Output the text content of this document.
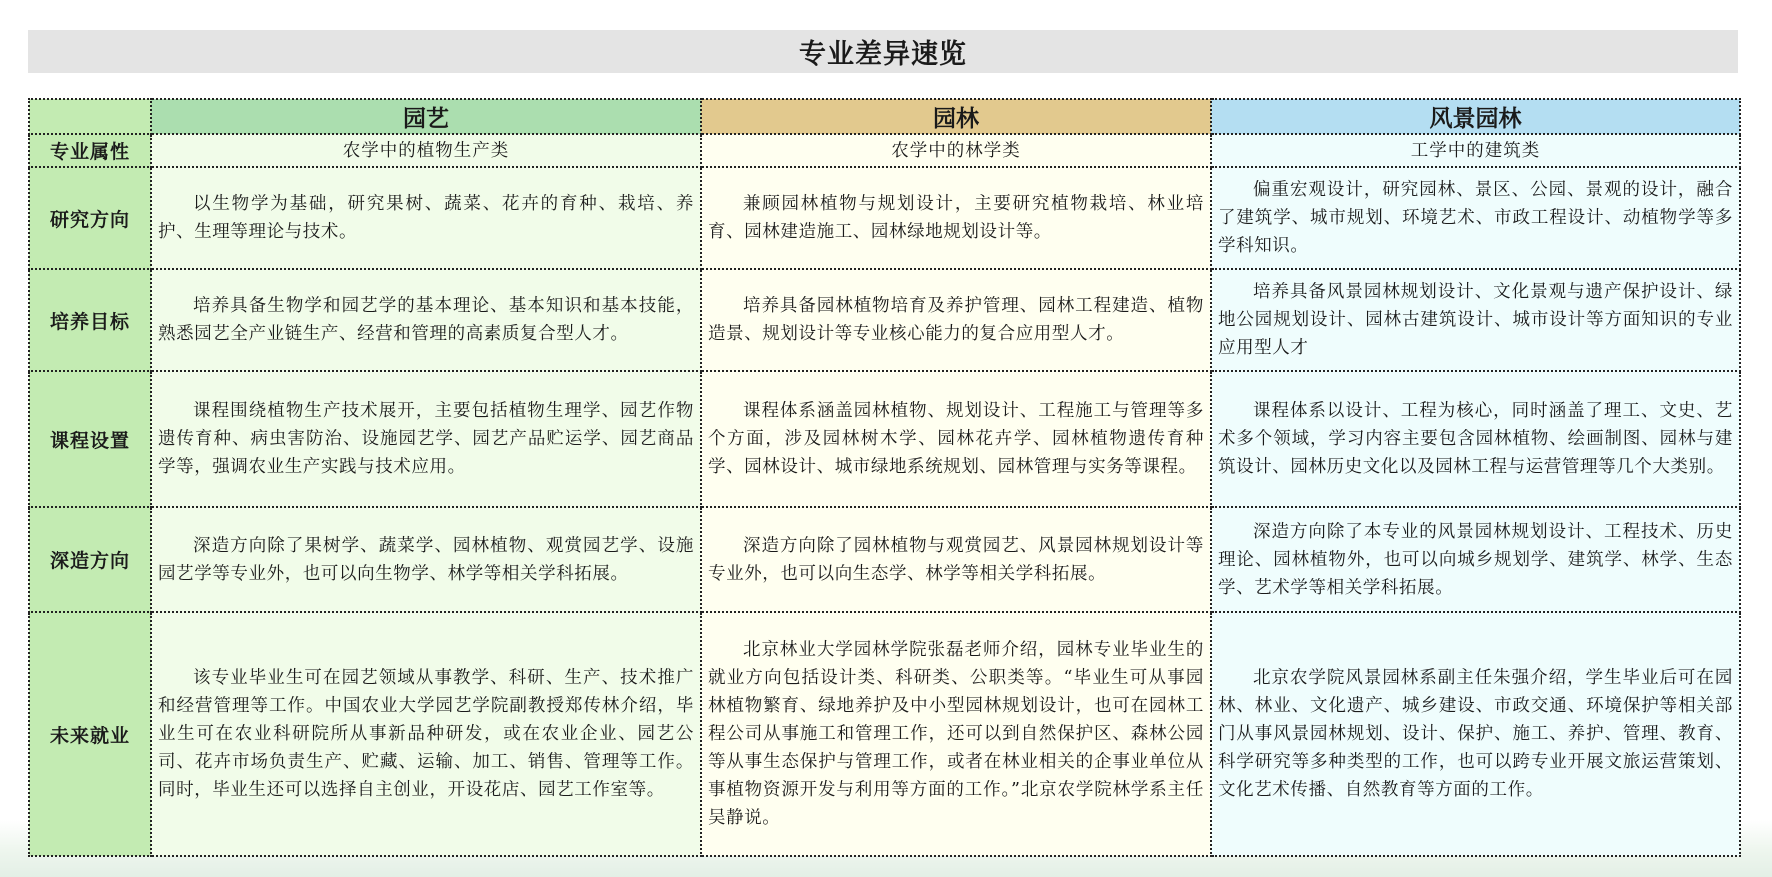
专业差异速览
	园艺	园林	风景园林
专业属性	农学中的植物生产类	农学中的林学类	工学中的建筑类

研究方向	以生物学为基础，研究果树、蔬菜、花卉的育种、栽培、养护、生理等理论与技术。	兼顾园林植物与规划设计，主要研究植物栽培、林业培育、园林建造施工、园林绿地规划设计等。	偏重宏观设计，研究园林、景区、公园、景观的设计，融合了建筑学、城市规划、环境艺术、市政工程设计、动植物学等多学科知识。

培养目标	培养具备生物学和园艺学的基本理论、基本知识和基本技能，熟悉园艺全产业链生产、经营和管理的高素质复合型人才。	培养具备园林植物培育及养护管理、园林工程建造、植物造景、规划设计等专业核心能力的复合应用型人才。	培养具备风景园林规划设计、文化景观与遗产保护设计、绿地公园规划设计、园林古建筑设计、城市设计等方面知识的专业应用型人才

课程设置	课程围绕植物生产技术展开，主要包括植物生理学、园艺作物遗传育种、病虫害防治、设施园艺学、园艺产品贮运学、园艺商品学等，强调农业生产实践与技术应用。	课程体系涵盖园林植物、规划设计、工程施工与管理等多个方面，涉及园林树木学、园林花卉学、园林植物遗传育种学、园林设计、城市绿地系统规划、园林管理与实务等课程。	课程体系以设计、工程为核心，同时涵盖了理工、文史、艺术多个领域，学习内容主要包含园林植物、绘画制图、园林与建筑设计、园林历史文化以及园林工程与运营管理等几个大类别。

深造方向	深造方向除了果树学、蔬菜学、园林植物、观赏园艺学、设施园艺学等专业外，也可以向生物学、林学等相关学科拓展。	深造方向除了园林植物与观赏园艺、风景园林规划设计等专业外，也可以向生态学、林学等相关学科拓展。	深造方向除了本专业的风景园林规划设计、工程技术、历史理论、园林植物外，也可以向城乡规划学、建筑学、林学、生态学、艺术学等相关学科拓展。

未来就业	该专业毕业生可在园艺领域从事教学、科研、生产、技术推广和经营管理等工作。中国农业大学园艺学院副教授郑传林介绍，毕业生可在农业科研院所从事新品种研发，或在农业企业、园艺公司、花卉市场负责生产、贮藏、运输、加工、销售、管理等工作。同时，毕业生还可以选择自主创业，开设花店、园艺工作室等。	北京林业大学园林学院张磊老师介绍，园林专业毕业生的就业方向包括设计类、科研类、公职类等。“毕业生可从事园林植物繁育、绿地养护及中小型园林规划设计，也可在园林工程公司从事施工和管理工作，还可以到自然保护区、森林公园等从事生态保护与管理工作，或者在林业相关的企事业单位从事植物资源开发与利用等方面的工作。”北京农学院林学系主任吴静说。	北京农学院风景园林系副主任朱强介绍，学生毕业后可在园林、林业、文化遗产、城乡建设、市政交通、环境保护等相关部门从事风景园林规划、设计、保护、施工、养护、管理、教育、科学研究等多种类型的工作，也可以跨专业开展文旅运营策划、文化艺术传播、自然教育等方面的工作。
